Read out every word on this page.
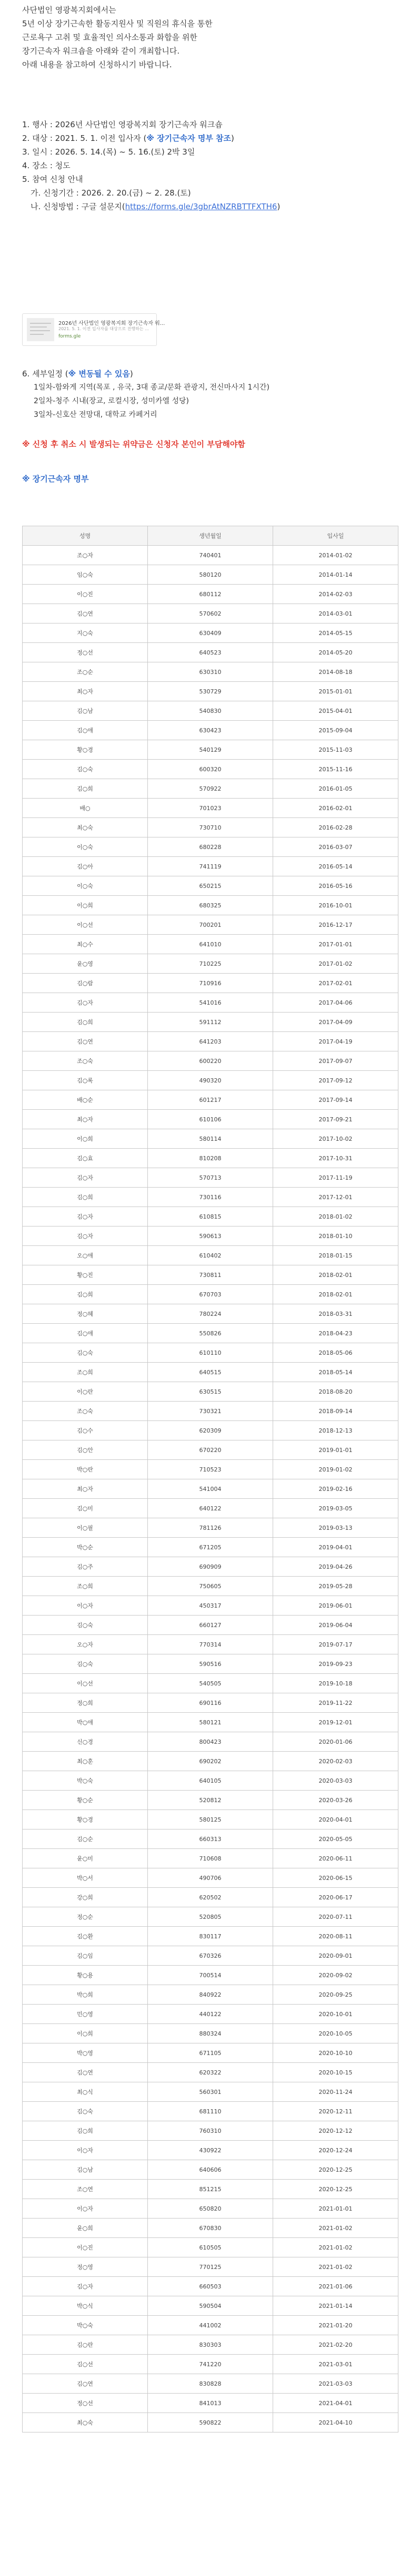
사단법인 영광복지회에서는

5년 이상 장기근속한 활동지원사 및 직원의 휴식을 통한

근로욕구 고취 및 효율적인 의사소통과 화합을 위한

장기근속자 워크숍을 아래와 같이 개최합니다.

아래 내용을 참고하여 신청하시기 바랍니다.

1. 행사 : 2026년 사단법인 영광복지회 장기근속자 워크숍

2. 대상 : 2021. 5. 1. 이전 입사자 (※ 장기근속자 명부 참조)

3. 일시 : 2026. 5. 14.(목) ~ 5. 16.(토) 2박 3일

4. 장소 : 청도

5. 참여 신청 안내

가. 신청기간 : 2026. 2. 20.(금) ~ 2. 28.(토)

나. 신청방법 : 구글 설문지(https://forms.gle/3gbrAtNZRBTTFXTH6)

2026년 사단법인 영광복지회 장기근속자 워...
2021. 5. 1. 이전 입사자를 대상으로 진행하는 ...
forms.gle

6. 세부일정 (※ 변동될 수 있음)

1일차-함와게 지역(목포 , 유국, 3대 종교/문화 관광지, 전신마사지 1시간)

2일차-청주 시내(장교, 로컬시장, 성미카엘 성당)

3일차-신호산 전망대, 대학교 카페거리

※ 신청 후 취소 시 발생되는 위약금은 신청자 본인이 부담해야함

※ 장기근속자 명부

성명	생년월일	입사일
조○자	740401	2014-01-02
임○숙	580120	2014-01-14
이○진	680112	2014-02-03
김○연	570602	2014-03-01
지○숙	630409	2014-05-15
정○선	640523	2014-05-20
조○순	630310	2014-08-18
최○자	530729	2015-01-01
김○남	540830	2015-04-01
김○애	630423	2015-09-04
황○경	540129	2015-11-03
김○숙	600320	2015-11-16
김○희	570922	2016-01-05
배○	701023	2016-02-01
최○숙	730710	2016-02-28
이○숙	680228	2016-03-07
김○아	741119	2016-05-14
이○숙	650215	2016-05-16
이○희	680325	2016-10-01
이○선	700201	2016-12-17
최○수	641010	2017-01-01
윤○영	710225	2017-01-02
김○람	710916	2017-02-01
김○자	541016	2017-04-06
김○희	591112	2017-04-09
김○연	641203	2017-04-19
조○숙	600220	2017-09-07
김○록	490320	2017-09-12
배○순	601217	2017-09-14
최○자	610106	2017-09-21
이○희	580114	2017-10-02
김○효	810208	2017-10-31
김○자	570713	2017-11-19
김○희	730116	2017-12-01
김○자	610815	2018-01-02
김○자	590613	2018-01-10
오○애	610402	2018-01-15
황○진	730811	2018-02-01
김○희	670703	2018-02-01
정○혜	780224	2018-03-31
김○애	550826	2018-04-23
김○숙	610110	2018-05-06
조○희	640515	2018-05-14
이○란	630515	2018-08-20
조○숙	730321	2018-09-14
김○수	620309	2018-12-13
김○안	670220	2019-01-01
박○란	710523	2019-01-02
최○자	541004	2019-02-16
김○미	640122	2019-03-05
이○필	781126	2019-03-13
박○순	671205	2019-04-01
김○주	690909	2019-04-26
조○희	750605	2019-05-28
이○자	450317	2019-06-01
김○숙	660127	2019-06-04
오○자	770314	2019-07-17
김○숙	590516	2019-09-23
이○선	540505	2019-10-18
정○희	690116	2019-11-22
박○애	580121	2019-12-01
신○경	800423	2020-01-06
최○훈	690202	2020-02-03
박○숙	640105	2020-03-03
황○순	520812	2020-03-26
황○경	580125	2020-04-01
김○순	660313	2020-05-05
윤○미	710608	2020-06-11
박○서	490706	2020-06-15
강○희	620502	2020-06-17
정○순	520805	2020-07-11
김○환	830117	2020-08-11
김○임	670326	2020-09-01
황○용	700514	2020-09-02
박○희	840922	2020-09-25
민○영	440122	2020-10-01
이○희	880324	2020-10-05
박○영	671105	2020-10-10
김○연	620322	2020-10-15
최○식	560301	2020-11-24
김○숙	681110	2020-12-11
김○희	760310	2020-12-12
이○자	430922	2020-12-24
김○남	640606	2020-12-25
조○연	851215	2020-12-25
이○자	650820	2021-01-01
윤○희	670830	2021-01-02
이○진	610505	2021-01-02
정○영	770125	2021-01-02
김○자	660503	2021-01-06
박○식	590504	2021-01-14
박○숙	441002	2021-01-20
김○란	830303	2021-02-20
김○선	741220	2021-03-01
김○연	830828	2021-03-03
정○선	841013	2021-04-01
최○숙	590822	2021-04-10
